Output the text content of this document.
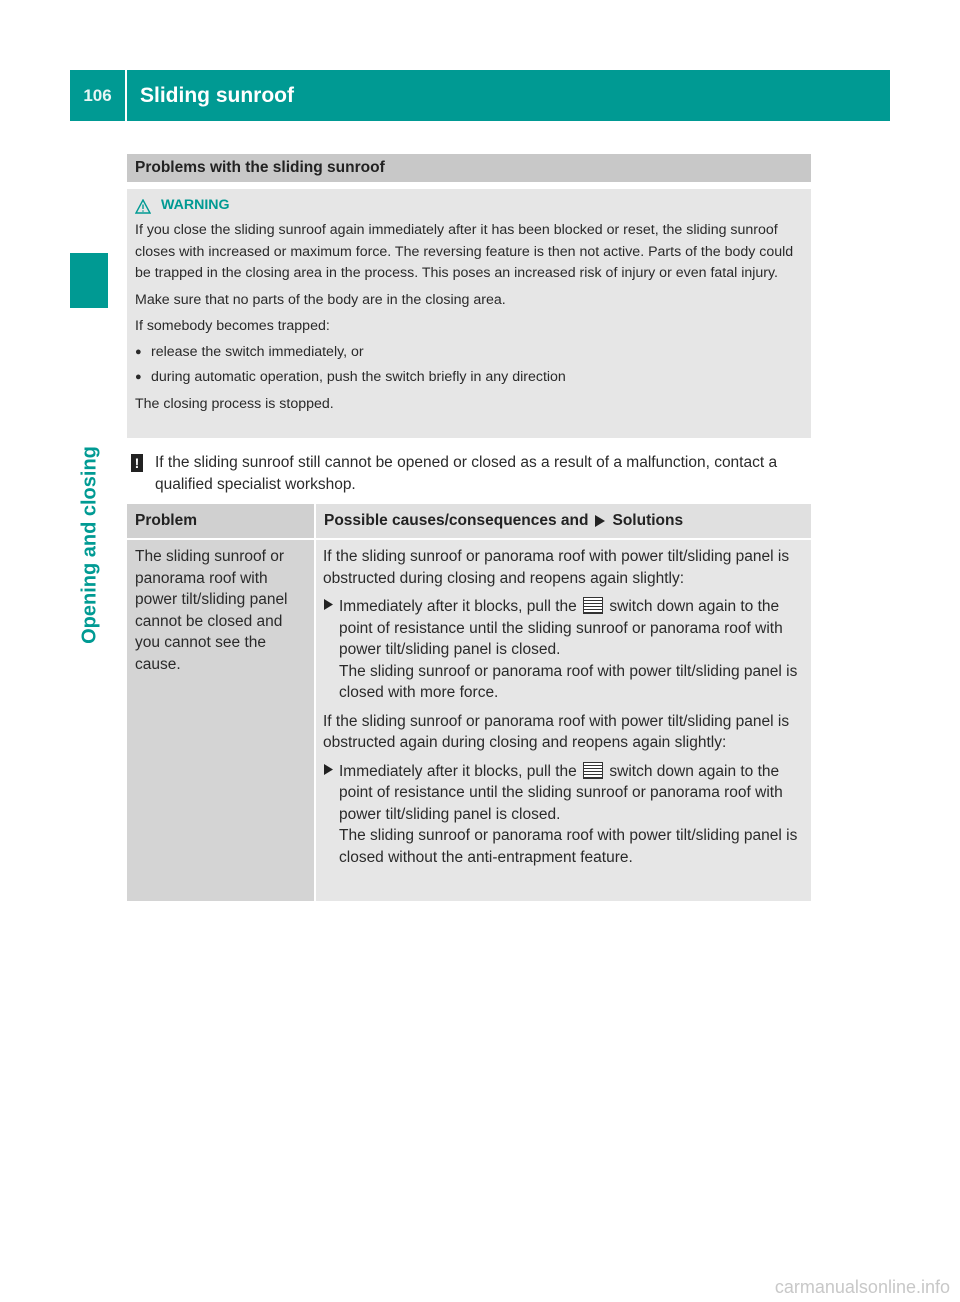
106	Sliding sunroof
Opening and closing
Problems with the sliding sunroof
WARNING

If you close the sliding sunroof again immediately after it has been blocked or reset, the sliding sunroof closes with increased or maximum force. The reversing feature is then not active. Parts of the body could be trapped in the closing area in the process. This poses an increased risk of injury or even fatal injury.

Make sure that no parts of the body are in the closing area.

If somebody becomes trapped:

● release the switch immediately, or
● during automatic operation, push the switch briefly in any direction

The closing process is stopped.

! If the sliding sunroof still cannot be opened or closed as a result of a malfunction, contact a qualified specialist workshop.
Problem	Possible causes/consequences and Solutions

The sliding sunroof or panorama roof with power tilt/sliding panel cannot be closed and you cannot see the cause.

If the sliding sunroof or panorama roof with power tilt/sliding panel is obstructed during closing and reopens again slightly:

Immediately after it blocks, pull the switch down again to the point of resistance until the sliding sunroof or panorama roof with power tilt/sliding panel is closed.
The sliding sunroof or panorama roof with power tilt/sliding panel is closed with more force.

If the sliding sunroof or panorama roof with power tilt/sliding panel is obstructed again during closing and reopens again slightly:

Immediately after it blocks, pull the switch down again to the point of resistance until the sliding sunroof or panorama roof with power tilt/sliding panel is closed.
The sliding sunroof or panorama roof with power tilt/sliding panel is closed without the anti-entrapment feature.
carmanualsonline.info
